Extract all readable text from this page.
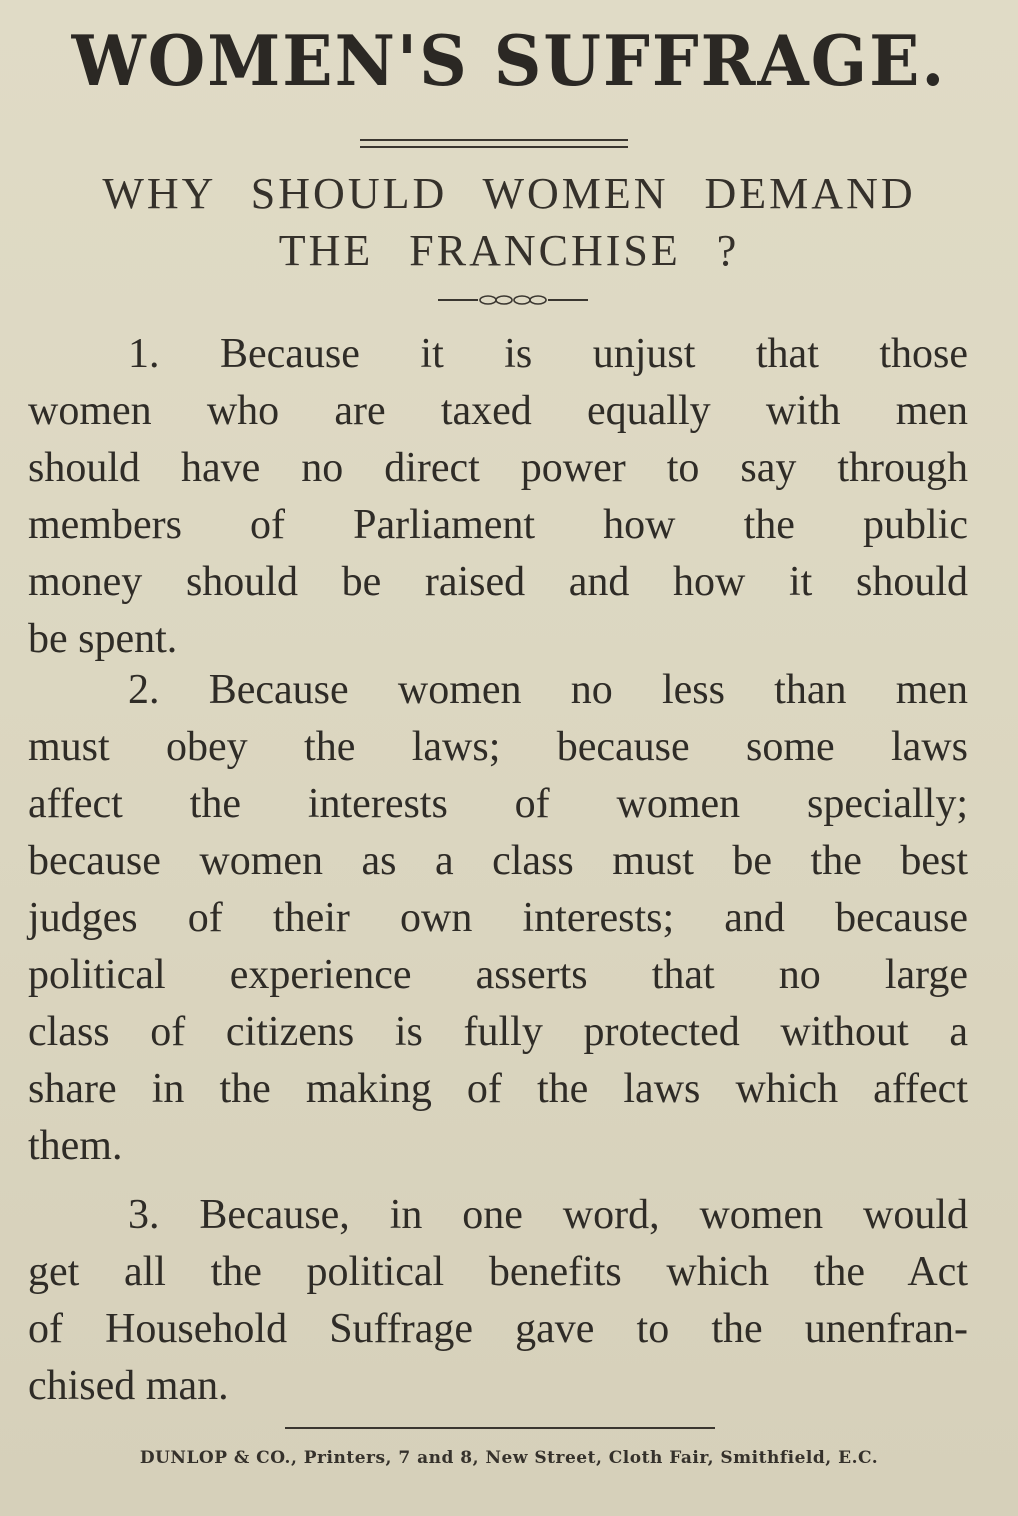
WOMEN'S SUFFRAGE.
WHY SHOULD WOMEN DEMAND
THE FRANCHISE ?
1. Because it is unjust that those
women who are taxed equally with men
should have no direct power to say through
members of Parliament how the public
money should be raised and how it should
be spent.
2. Because women no less than men
must obey the laws; because some laws
affect the interests of women specially;
because women as a class must be the best
judges of their own interests; and because
political experience asserts that no large
class of citizens is fully protected without a
share in the making of the laws which affect
them.
3. Because, in one word, women would
get all the political benefits which the Act
of Household Suffrage gave to the unenfran-
chised man.
DUNLOP & CO., Printers, 7 and 8, New Street, Cloth Fair, Smithfield, E.C.
